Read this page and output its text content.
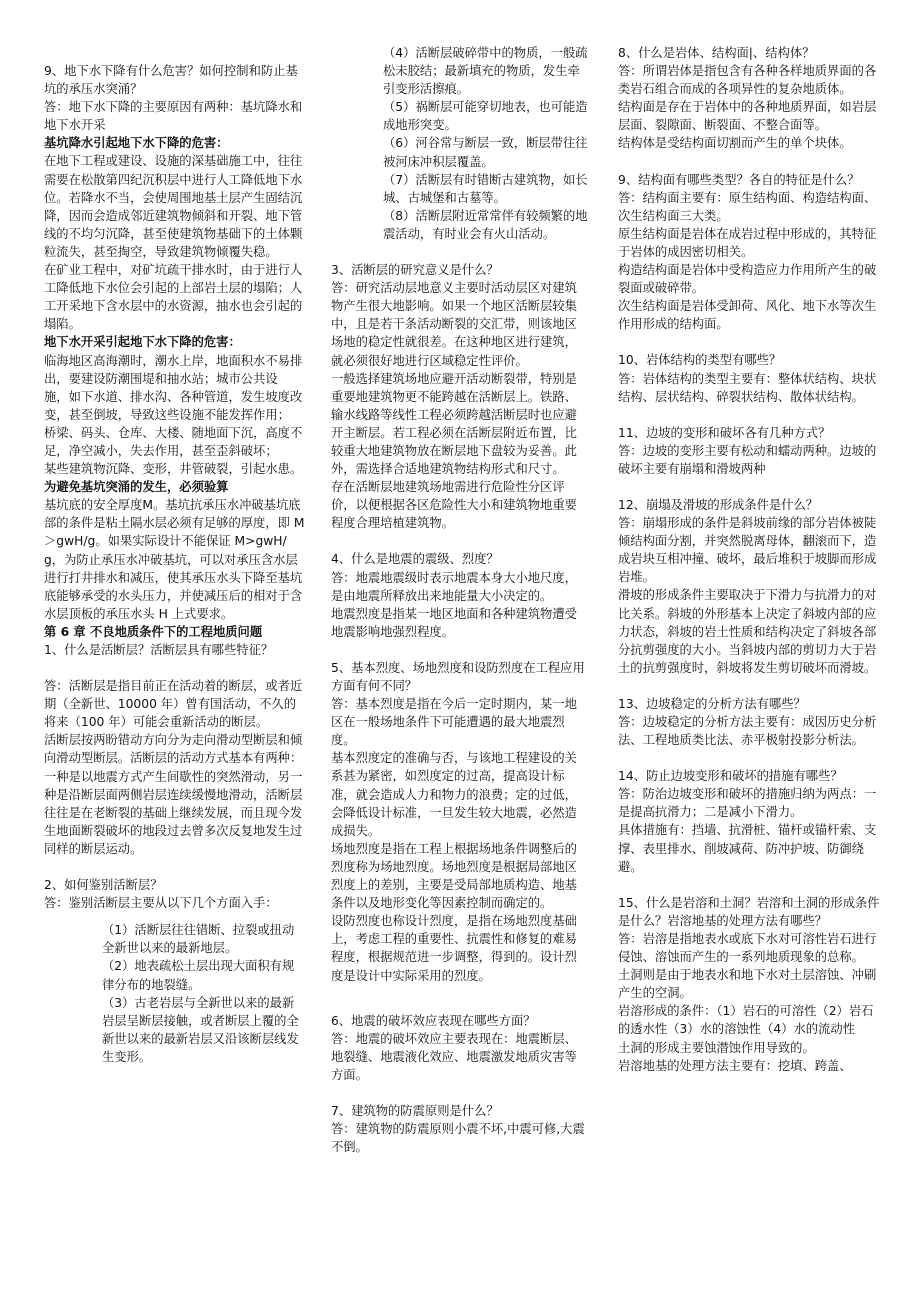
9、地下水下降有什么危害？如何控制和防止基坑的承压水突涌？
答：地下水下降的主要原因有两种：基坑降水和地下水开采
基坑降水引起地下水下降的危害：
在地下工程或建设、设施的深基础施工中，往往需要在松散第四纪沉积层中进行人工降低地下水位。若降水不当，会使周围地基土层产生固结沉降，因而会造成邻近建筑物倾斜和开裂、地下管线的不均匀沉降，甚至使建筑物基础下的土体颗粒流失，甚至掏空，导致建筑物倾覆失稳。
在矿业工程中，对矿坑疏干排水时，由于进行人工降低地下水位会引起的上部岩土层的塌陷；人工开采地下含水层中的水资源，抽水也会引起的塌陷。
地下水开采引起地下水下降的危害：
临海地区高海潮时，潮水上岸，地面积水不易排出，要建设防潮围堤和抽水站；城市公共设
施，如下水道、排水沟、各种管道，发生坡度改变，甚至倒坡，导致这些设施不能发挥作用；
桥梁、码头、仓库、大楼、随地面下沉，高度不足，净空减小，失去作用，甚至歪斜破坏；
某些建筑物沉降、变形，井管破裂，引起水患。
为避免基坑突涌的发生，必须验算
基坑底的安全厚度M。基坑抗承压水冲破基坑底部的条件是粘土隔水层必须有足够的厚度，即 M＞gwH/g。如果实际设计不能保证 M>gwH/g，为防止承压水冲破基坑，可以对承压含水层进行打井排水和减压，使其承压水头下降至基坑底能够承受的水头压力，并使减压后的相对于含水层顶板的承压水头 H 上式要求。
第 6 章 不良地质条件下的工程地质问题
1、什么是活断层？活断层具有哪些特征？
答：活断层是指目前正在活动着的断层，或者近期（全新世、10000 年）曾有国活动，不久的将来（100 年）可能会重新活动的断层。
活断层按两盼错动方向分为走向滑动型断层和倾向滑动型断层。活断层的活动方式基本有两种：一种是以地震方式产生间歇性的突然滑动，另一种是沿断层面两侧岩层连续缓慢地滑动，活断层往往是在老断裂的基础上继续发展，而且现今发生地面断裂破坏的地段过去曾多次反复地发生过同样的断层运动。
2、如何鉴别活断层？
答：鉴别活断层主要从以下几个方面入手：
（1）活断层往往错断、拉裂或扭动全新世以来的最新地层。
（2）地表疏松土层出现大面积有规律分布的地裂缝。
（3）古老岩层与全新世以来的最新岩层呈断层接触，或者断层上覆的全新世以来的最新岩层又沿该断层线发生变形。
（4）活断层破碎带中的物质，一般疏松未胶结；最新填充的物质，发生牵引变形活擦痕。
（5）祸断层可能穿切地表，也可能造成地形突变。
（6）河谷常与断层一致，断层带往往被河床冲积层覆盖。
（7）活断层有时错断古建筑物，如长城、古城堡和古墓等。
（8）活断层附近常常伴有较频繁的地震活动，有时业会有火山活动。
3、活断层的研究意义是什么？
答：研究活动层地意义主要时活动层区对建筑物产生很大地影响。如果一个地区活断层较集中，且是若干条活动断裂的交汇带，则该地区场地的稳定性就很差。在这种地区进行建筑，就必须很好地进行区域稳定性评价。
一般选择建筑场地应避开活动断裂带，特别是重要地建筑物更不能跨越在活断层上。铁路、输水线路等线性工程必须跨越活断层时也应避开主断层。若工程必须在活断层附近布置，比较重大地建筑物放在断层地下盘较为妥善。此外，需选择合适地建筑物结构形式和尺寸。
存在活断层地建筑场地需进行危险性分区评价，以便根据各区危险性大小和建筑物地重要程度合理培植建筑物。
4、什么是地震的震级、烈度？
答：地震地震级时表示地震本身大小地尺度，是由地震所释放出来地能量大小决定的。
地震烈度是指某一地区地面和各种建筑物遭受地震影响地强烈程度。
5、基本烈度、场地烈度和设防烈度在工程应用方面有何不同？
答：基本烈度是指在今后一定时期内，某一地区在一般场地条件下可能遭遇的最大地震烈度。
基本烈度定的准确与否，与该地工程建设的关系甚为紧密，如烈度定的过高，提高设计标准，就会造成人力和物力的浪费；定的过低，会降低设计标准，一旦发生较大地震，必然造成损失。
场地烈度是指在工程上根据场地条件调整后的烈度称为场地烈度。场地烈度是根据局部地区烈度上的差别，主要是受局部地质构造、地基条件以及地形变化等因素控制而确定的。
设防烈度也称设计烈度，是指在场地烈度基础上，考虑工程的重要性、抗震性和修复的难易程度，根据规范进一步调整，得到的。设计烈度是设计中实际采用的烈度。
6、地震的破坏效应表现在哪些方面？
答：地震的破坏效应主要表现在：地震断层、地裂缝、地震液化效应、地震激发地质灾害等方面。
7、建筑物的防震原则是什么？
答：建筑物的防震原则小震不坏,中震可修,大震不倒。
8、什么是岩体、结构面|、结构体？
答：所谓岩体是指包含有各种各样地质界面的各类岩石组合而成的各项异性的复杂地质体。
结构面是存在于岩体中的各种地质界面，如岩层层面、裂隙面、断裂面、不整合面等。
结构体是受结构面切割而产生的单个块体。
9、结构面有哪些类型？各自的特征是什么？
答：结构面主要有：原生结构面、构造结构面、次生结构面三大类。
原生结构面是岩体在成岩过程中形成的，其特征于岩体的成因密切相关。
构造结构面是岩体中受构造应力作用所产生的破裂面或破碎带。
次生结构面是岩体受卸荷、风化、地下水等次生作用形成的结构面。
10、岩体结构的类型有哪些？
答：岩体结构的类型主要有：整体状结构、块状结构、层状结构、碎裂状结构、散体状结构。
11、边坡的变形和破坏各有几种方式？
答：边坡的变形主要有松动和蠕动两种。边坡的破坏主要有崩塌和滑坡两种
12、崩塌及滑坡的形成条件是什么？
答：崩塌形成的条件是斜坡前缘的部分岩体被陡倾结构面分割，并突然脱离母体，翻滚而下，造成岩块互相冲撞、破坏，最后堆积于坡脚而形成岩堆。
滑坡的形成条件主要取决于下滑力与抗滑力的对比关系。斜坡的外形基本上决定了斜坡内部的应力状态，斜坡的岩土性质和结构决定了斜坡各部分抗剪强度的大小。当斜坡内部的剪切力大于岩土的抗剪强度时，斜坡将发生剪切破坏而滑坡。
13、边坡稳定的分析方法有哪些？
答：边坡稳定的分析方法主要有：成因历史分析法、工程地质类比法、赤平极射投影分析法。
14、防止边坡变形和破坏的措施有哪些？
答：防治边坡变形和破坏的措施归纳为两点：一是提高抗滑力；二是减小下滑力。
具体措施有：挡墙、抗滑桩、锚杆或锚杆索、支撑、表里排水、削坡减荷、防冲护坡、防御绕避。
15、什么是岩溶和土洞？岩溶和土洞的形成条件是什么？岩溶地基的处理方法有哪些？
答：岩溶是指地表水或底下水对可溶性岩石进行侵蚀、溶蚀而产生的一系列地质现象的总称。
土洞则是由于地表水和地下水对土层溶蚀、冲刷产生的空洞。
岩溶形成的条件：（1）岩石的可溶性（2）岩石的透水性（3）水的溶蚀性（4）水的流动性
土洞的形成主要蚀潜蚀作用导致的。
岩溶地基的处理方法主要有：挖填、跨盖、
